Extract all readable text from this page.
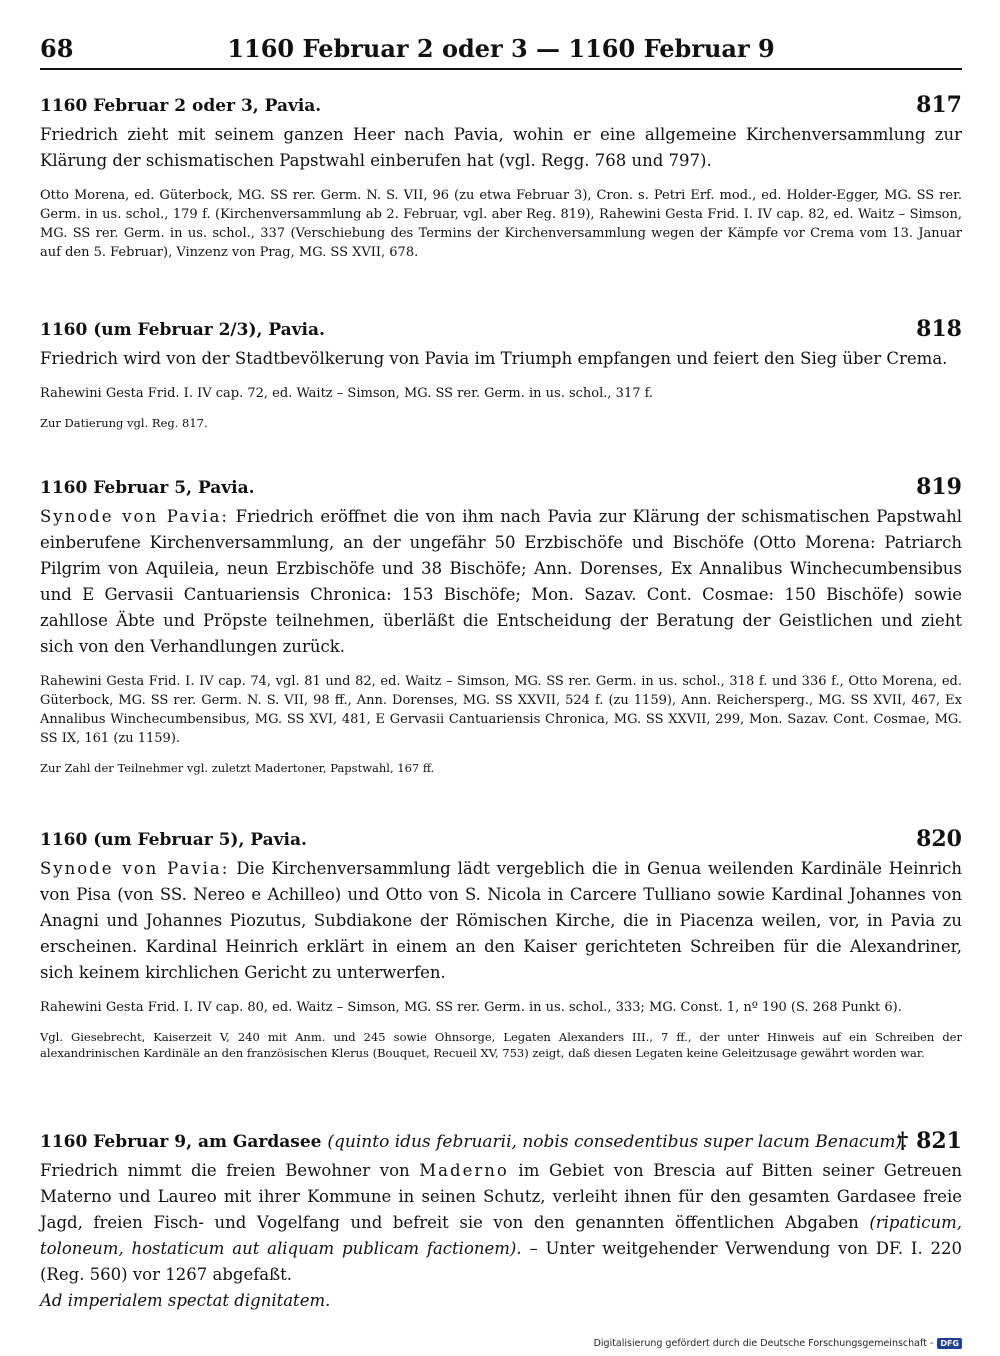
68	1160 Februar 2 oder 3 — 1160 Februar 9
1160 Februar 2 oder 3, Pavia.	817

Friedrich zieht mit seinem ganzen Heer nach Pavia, wohin er eine allgemeine Kirchenversammlung zur Klärung der schismatischen Papstwahl einberufen hat (vgl. Regg. 768 und 797).

Otto Morena, ed. Güterbock, MG. SS rer. Germ. N. S. VII, 96 (zu etwa Februar 3), Cron. s. Petri Erf. mod., ed. Holder-Egger, MG. SS rer. Germ. in us. schol., 179 f. (Kirchenversammlung ab 2. Februar, vgl. aber Reg. 819), Rahewini Gesta Frid. I. IV cap. 82, ed. Waitz – Simson, MG. SS rer. Germ. in us. schol., 337 (Verschiebung des Termins der Kirchenversammlung wegen der Kämpfe vor Crema vom 13. Januar auf den 5. Februar), Vinzenz von Prag, MG. SS XVII, 678.

1160 (um Februar 2/3), Pavia.	818

Friedrich wird von der Stadtbevölkerung von Pavia im Triumph empfangen und feiert den Sieg über Crema.

Rahewini Gesta Frid. I. IV cap. 72, ed. Waitz – Simson, MG. SS rer. Germ. in us. schol., 317 f.

Zur Datierung vgl. Reg. 817.

1160 Februar 5, Pavia.	819

Synode von Pavia: Friedrich eröffnet die von ihm nach Pavia zur Klärung der schismatischen Papstwahl einberufene Kirchenversammlung, an der ungefähr 50 Erzbischöfe und Bischöfe (Otto Morena: Patriarch Pilgrim von Aquileia, neun Erzbischöfe und 38 Bischöfe; Ann. Dorenses, Ex Annalibus Winchecumbensibus und E Gervasii Cantuariensis Chronica: 153 Bischöfe; Mon. Sazav. Cont. Cosmae: 150 Bischöfe) sowie zahllose Äbte und Pröpste teilnehmen, überläßt die Entscheidung der Beratung der Geistlichen und zieht sich von den Verhandlungen zurück.

Rahewini Gesta Frid. I. IV cap. 74, vgl. 81 und 82, ed. Waitz – Simson, MG. SS rer. Germ. in us. schol., 318 f. und 336 f., Otto Morena, ed. Güterbock, MG. SS rer. Germ. N. S. VII, 98 ff., Ann. Dorenses, MG. SS XXVII, 524 f. (zu 1159), Ann. Reichersperg., MG. SS XVII, 467, Ex Annalibus Winchecumbensibus, MG. SS XVI, 481, E Gervasii Cantuariensis Chronica, MG. SS XXVII, 299, Mon. Sazav. Cont. Cosmae, MG. SS IX, 161 (zu 1159).

Zur Zahl der Teilnehmer vgl. zuletzt Madertoner, Papstwahl, 167 ff.

1160 (um Februar 5), Pavia.	820

Synode von Pavia: Die Kirchenversammlung lädt vergeblich die in Genua weilenden Kardinäle Heinrich von Pisa (von SS. Nereo e Achilleo) und Otto von S. Nicola in Carcere Tulliano sowie Kardinal Johannes von Anagni und Johannes Piozutus, Subdiakone der Römischen Kirche, die in Piacenza weilen, vor, in Pavia zu erscheinen. Kardinal Heinrich erklärt in einem an den Kaiser gerichteten Schreiben für die Alexandriner, sich keinem kirchlichen Gericht zu unterwerfen.

Rahewini Gesta Frid. I. IV cap. 80, ed. Waitz – Simson, MG. SS rer. Germ. in us. schol., 333; MG. Const. 1, nº 190 (S. 268 Punkt 6).

Vgl. Giesebrecht, Kaiserzeit V, 240 mit Anm. und 245 sowie Ohnsorge, Legaten Alexanders III., 7 ff., der unter Hinweis auf ein Schreiben der alexandrinischen Kardinäle an den französischen Klerus (Bouquet, Recueil XV, 753) zeigt, daß diesen Legaten keine Geleitzusage gewährt worden war.

1160 Februar 9, am Gardasee (quinto idus februarii, nobis consedentibus super lacum Benacum).
† 821

Friedrich nimmt die freien Bewohner von Maderno im Gebiet von Brescia auf Bitten seiner Getreuen Materno und Laureo mit ihrer Kommune in seinen Schutz, verleiht ihnen für den gesamten Gardasee freie Jagd, freien Fisch- und Vogelfang und befreit sie von den genannten öffentlichen Abgaben (ripaticum, toloneum, hostaticum aut aliquam publicam factionem). – Unter weitgehender Verwendung von DF. I. 220 (Reg. 560) vor 1267 abgefaßt.
Ad imperialem spectat dignitatem.

Digitalisierung gefördert durch die Deutsche Forschungsgemeinschaft - DFG
